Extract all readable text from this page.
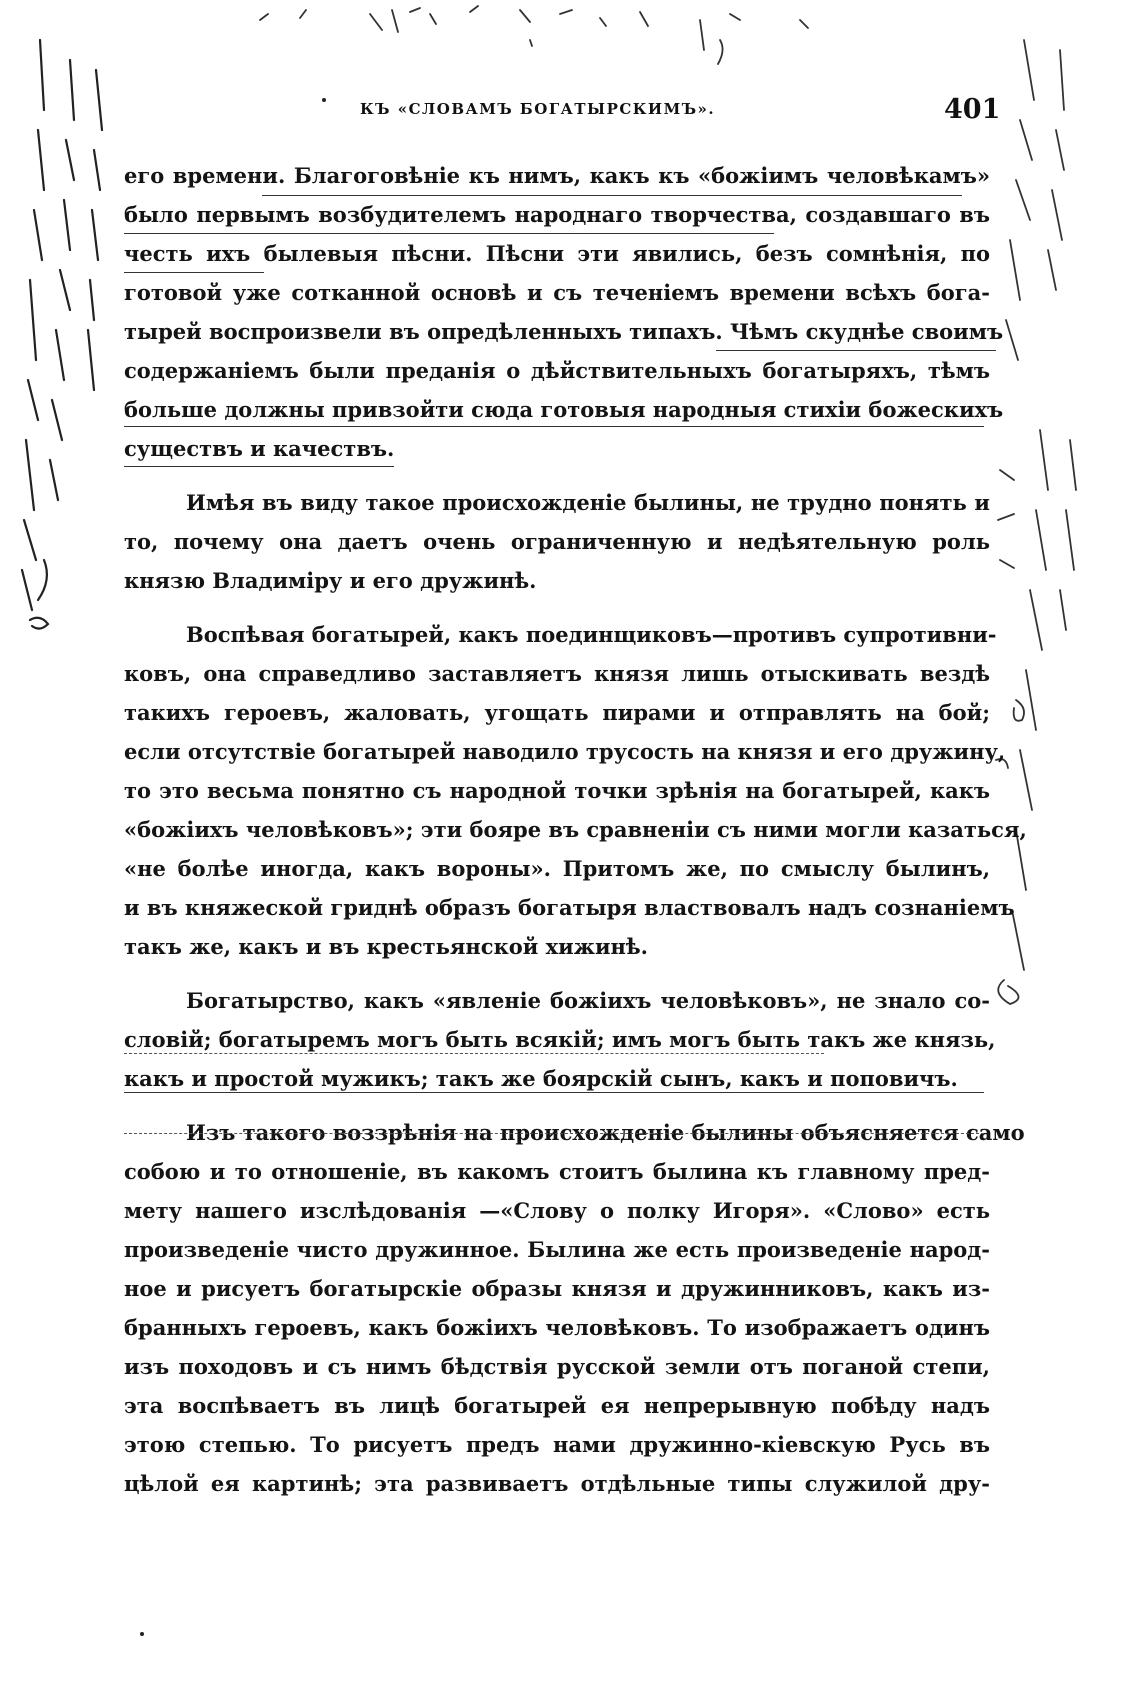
КЪ «СЛОВАМЪ БОГАТЫРСКИМЪ».	401

его времени. Благоговѣніе къ нимъ, какъ къ «божіимъ человѣкамъ»
было первымъ возбудителемъ народнаго творчества, создавшаго въ
честь ихъ былевыя пѣсни. Пѣсни эти явились, безъ сомнѣнія, по
готовой уже сотканной основѣ и съ теченіемъ времени всѣхъ бога-
тырей воспроизвели въ опредѣленныхъ типахъ. Чѣмъ скуднѣе своимъ
содержаніемъ были преданія о дѣйствительныхъ богатыряхъ, тѣмъ
больше должны привзойти сюда готовыя народныя стихіи божескихъ
существъ и качествъ.

Имѣя въ виду такое происхожденіе былины, не трудно понять и
то, почему она даетъ очень ограниченную и недѣятельную роль
князю Владиміру и его дружинѣ.

Воспѣвая богатырей, какъ поединщиковъ—противъ супротивни-
ковъ, она справедливо заставляетъ князя лишь отыскивать вездѣ
такихъ героевъ, жаловать, угощать пирами и отправлять на бой;
если отсутствіе богатырей наводило трусость на князя и его дружину,
то это весьма понятно съ народной точки зрѣнія на богатырей, какъ
«божіихъ человѣковъ»; эти бояре въ сравненіи съ ними могли казаться,
«не болѣе иногда, какъ вороны». Притомъ же, по смыслу былинъ,
и въ княжеской гриднѣ образъ богатыря властвовалъ надъ сознаніемъ
такъ же, какъ и въ крестьянской хижинѣ.

Богатырство, какъ «явленіе божіихъ человѣковъ», не знало со-
словій; богатыремъ могъ быть всякій; имъ могъ быть такъ же князь,
какъ и простой мужикъ; такъ же боярскій сынъ, какъ и поповичъ.

Изъ такого воззрѣнія на происхожденіе былины объясняется само
собою и то отношеніе, въ какомъ стоитъ былина къ главному пред-
мету нашего изслѣдованія —«Слову о полку Игоря». «Слово» есть
произведеніе чисто дружинное. Былина же есть произведеніе народ-
ное и рисуетъ богатырскіе образы князя и дружинниковъ, какъ из-
бранныхъ героевъ, какъ божіихъ человѣковъ. То изображаетъ одинъ
изъ походовъ и съ нимъ бѣдствія русской земли отъ поганой степи,
эта воспѣваетъ въ лицѣ богатырей ея непрерывную побѣду надъ
этою степью. То рисуетъ предъ нами дружинно-кіевскую Русь въ
цѣлой ея картинѣ; эта развиваетъ отдѣльные типы служилой дру-
